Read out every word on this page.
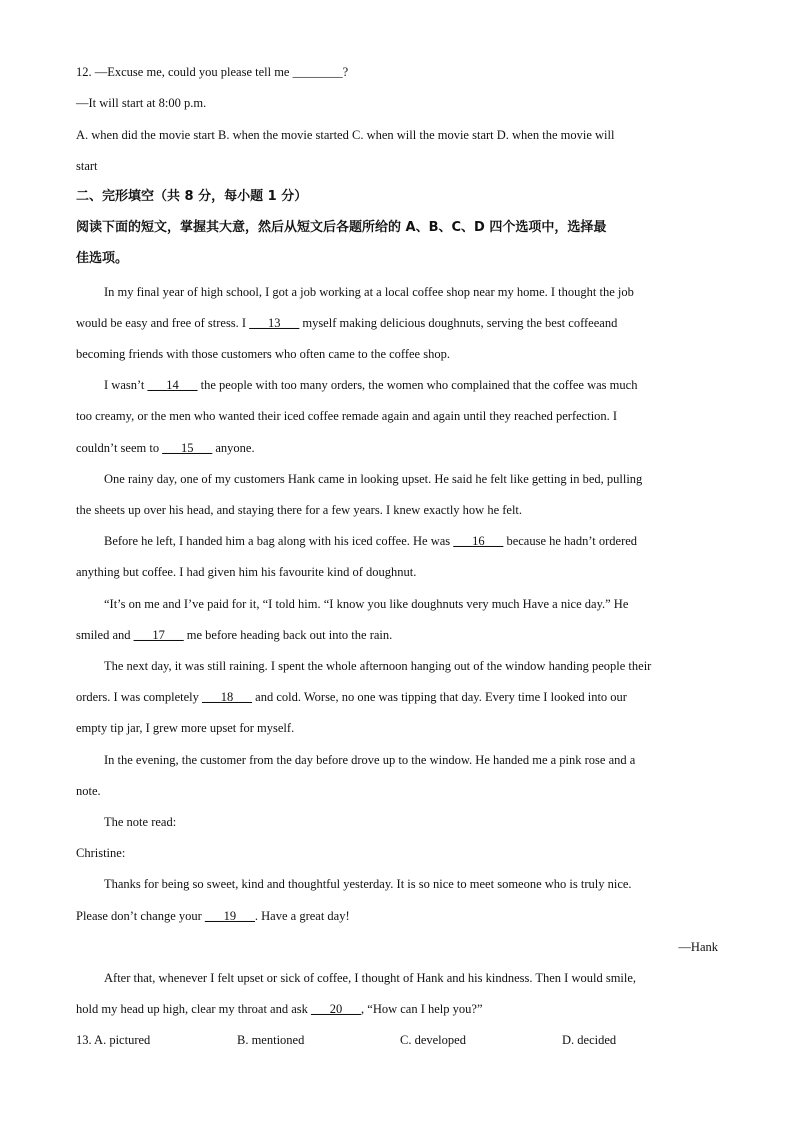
12. —Excuse me, could you please tell me ________?
—It will start at 8:00 p.m.
A. when did the movie start B. when the movie started C. when will the movie start D. when the movie will
start
二、完形填空（共 8 分，每小题 1 分）
阅读下面的短文，掌握其大意，然后从短文后各题所给的 A、B、C、D 四个选项中，选择最
佳选项。
In my final year of high school, I got a job working at a local coffee shop near my home. I thought the job
would be easy and free of stress. I ___13___ myself making delicious doughnuts, serving the best coffeeand
becoming friends with those customers who often came to the coffee shop.
I wasn’t ___14___ the people with too many orders, the women who complained that the coffee was much
too creamy, or the men who wanted their iced coffee remade again and again until they reached perfection. I
couldn’t seem to ___15___ anyone.
One rainy day, one of my customers Hank came in looking upset. He said he felt like getting in bed, pulling
the sheets up over his head, and staying there for a few years. I knew exactly how he felt.
Before he left, I handed him a bag along with his iced coffee. He was ___16___ because he hadn’t ordered
anything but coffee. I had given him his favourite kind of doughnut.
“It’s on me and I’ve paid for it, “I told him. “I know you like doughnuts very much Have a nice day.” He
smiled and ___17___ me before heading back out into the rain.
The next day, it was still raining. I spent the whole afternoon hanging out of the window handing people their
orders. I was completely ___18___ and cold. Worse, no one was tipping that day. Every time I looked into our
empty tip jar, I grew more upset for myself.
In the evening, the customer from the day before drove up to the window. He handed me a pink rose and a
note.
The note read:
Christine:
Thanks for being so sweet, kind and thoughtful yesterday. It is so nice to meet someone who is truly nice.
Please don’t change your ___19___. Have a great day!
—Hank
After that, whenever I felt upset or sick of coffee, I thought of Hank and his kindness. Then I would smile,
hold my head up high, clear my throat and ask ___20___, “How can I help you?”
13. A. pictured	B. mentioned	C. developed	D. decided
